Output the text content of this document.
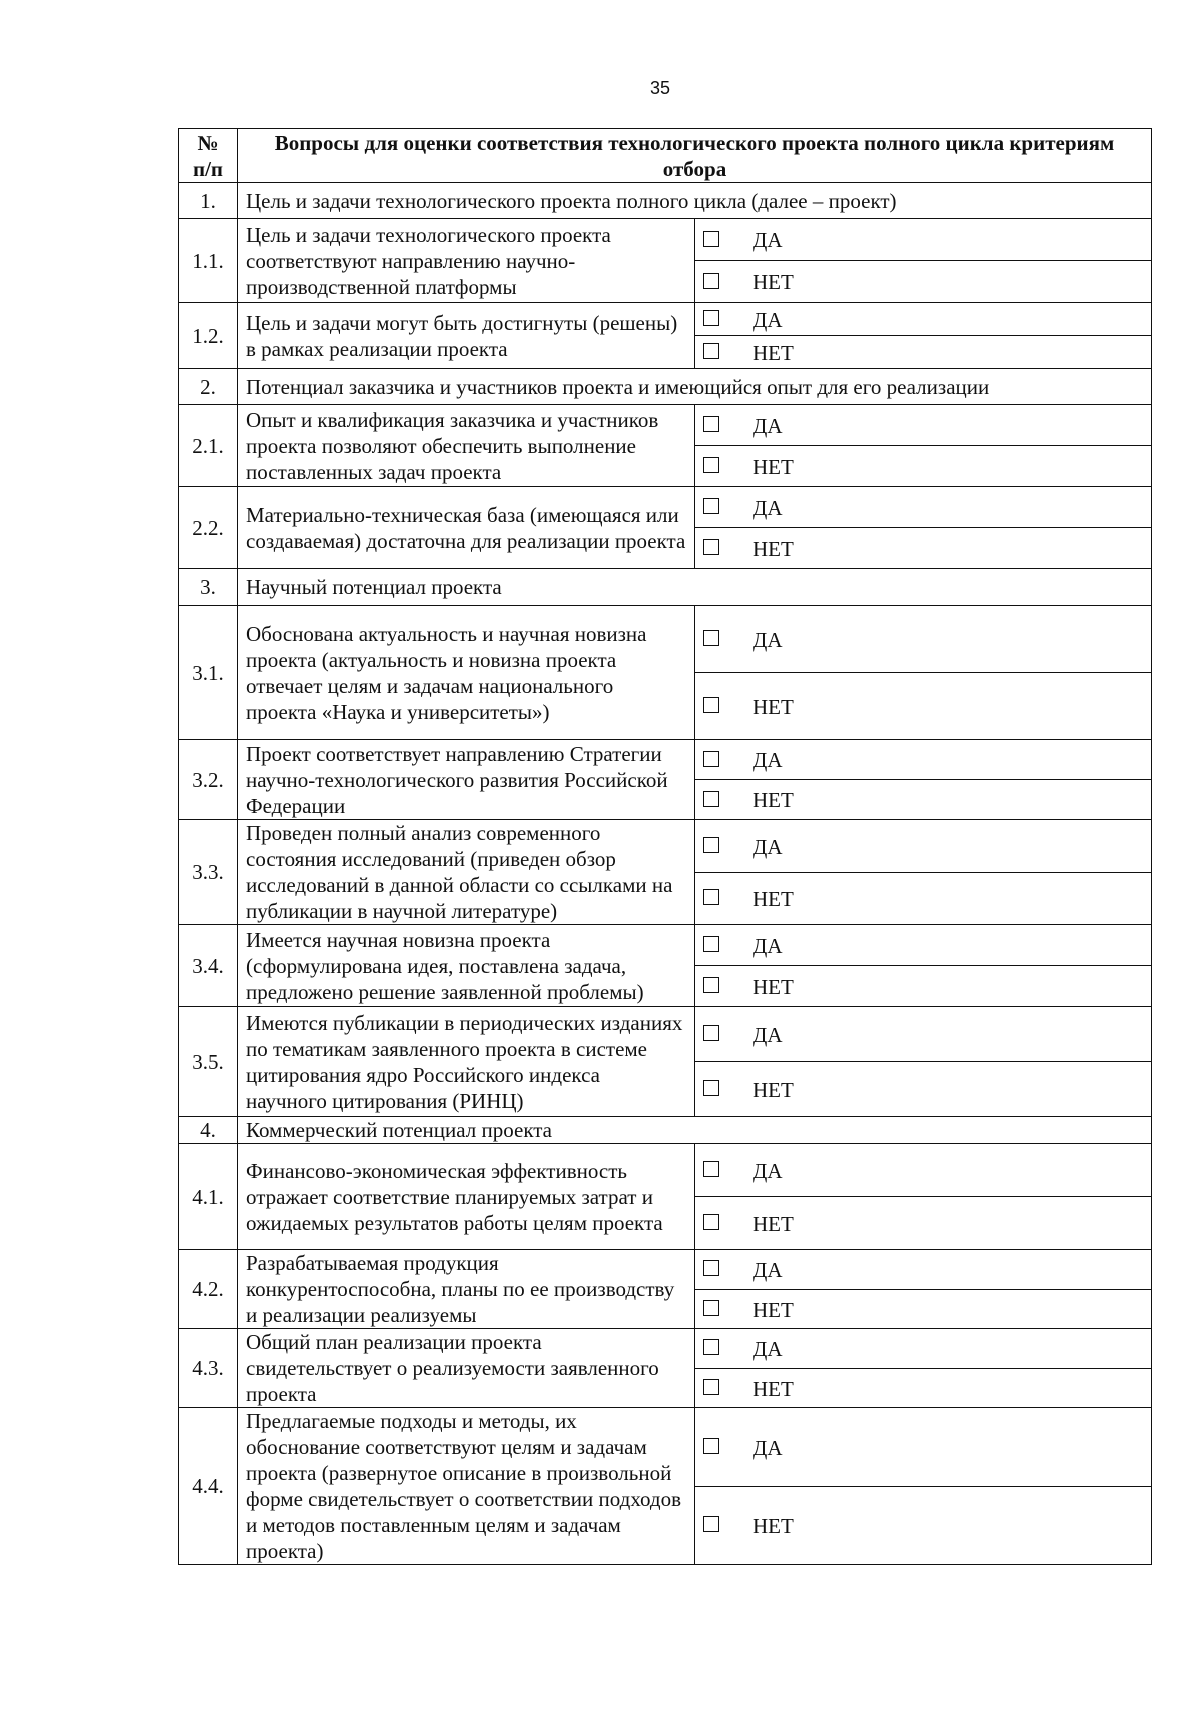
35
№ п/п	Вопросы для оценки соответствия технологического проекта полного цикла критериям отбора	
1.	Цель и задачи технологического проекта полного цикла (далее – проект)	
1.1.	Цель и задачи технологического проекта соответствуют направлению научно-производственной платформы	ДА
		НЕТ
1.2.	Цель и задачи могут быть достигнуты (решены) в рамках реализации проекта	ДА
		НЕТ
2.	Потенциал заказчика и участников проекта и имеющийся опыт для его реализации	
2.1.	Опыт и квалификация заказчика и участников проекта позволяют обеспечить выполнение поставленных задач проекта	ДА
		НЕТ
2.2.	Материально-техническая база (имеющаяся или создаваемая) достаточна для реализации проекта	ДА
		НЕТ
3.	Научный потенциал проекта	
3.1.	Обоснована актуальность и научная новизна проекта (актуальность и новизна проекта отвечает целям и задачам национального проекта «Наука и университеты»)	ДА
		НЕТ
3.2.	Проект соответствует направлению Стратегии научно-технологического развития Российской Федерации	ДА
		НЕТ
3.3.	Проведен полный анализ современного состояния исследований (приведен обзор исследований в данной области со ссылками на публикации в научной литературе)	ДА
		НЕТ
3.4.	Имеется научная новизна проекта (сформулирована идея, поставлена задача, предложено решение заявленной проблемы)	ДА
		НЕТ
3.5.	Имеются публикации в периодических изданиях по тематикам заявленного проекта в системе цитирования ядро Российского индекса научного цитирования (РИНЦ)	ДА
		НЕТ
4.	Коммерческий потенциал проекта	
4.1.	Финансово-экономическая эффективность отражает соответствие планируемых затрат и ожидаемых результатов работы целям проекта	ДА
		НЕТ
4.2.	Разрабатываемая продукция конкурентоспособна, планы по ее производству и реализации реализуемы	ДА
		НЕТ
4.3.	Общий план реализации проекта свидетельствует о реализуемости заявленного проекта	ДА
		НЕТ
4.4.	Предлагаемые подходы и методы, их обоснование соответствуют целям и задачам проекта (развернутое описание в произвольной форме свидетельствует о соответствии подходов и методов поставленным целям и задачам проекта)	ДА
		НЕТ
